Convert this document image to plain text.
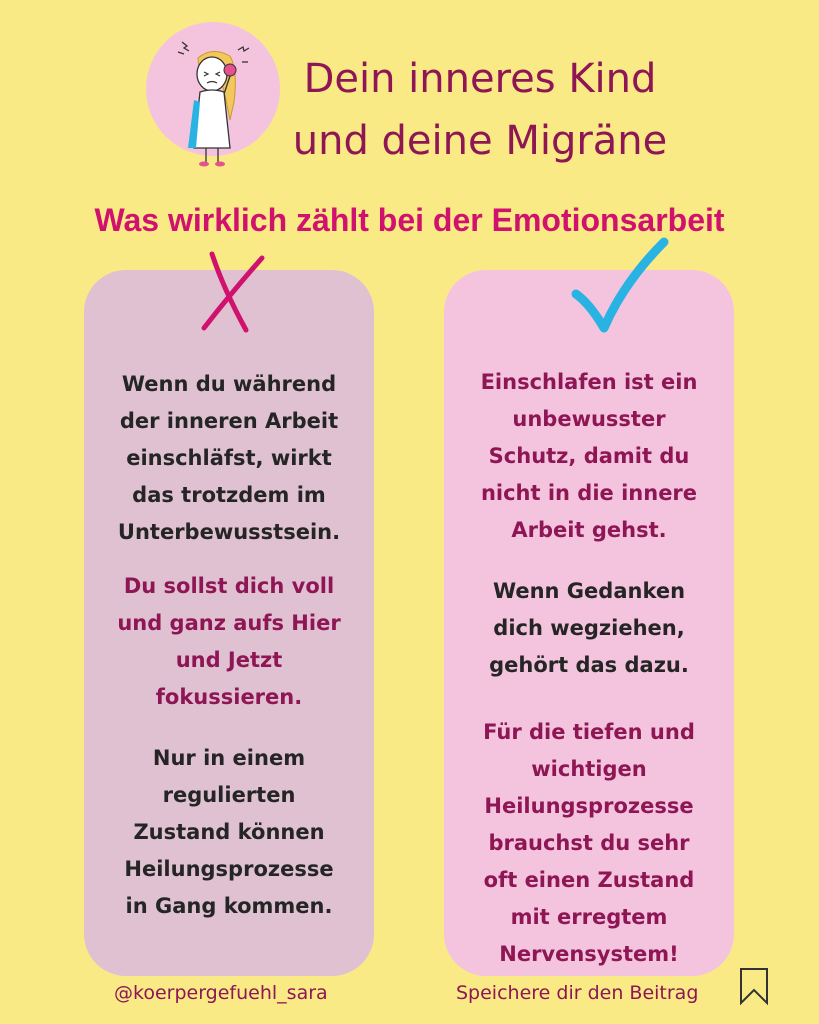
Dein inneres Kind
und deine Migräne
Was wirklich zählt bei der Emotionsarbeit
Wenn du während
der inneren Arbeit
einschläfst, wirkt
das trotzdem im
Unterbewusstsein.
Du sollst dich voll
und ganz aufs Hier
und Jetzt
fokussieren.
Nur in einem
regulierten
Zustand können
Heilungsprozesse
in Gang kommen.
Einschlafen ist ein
unbewusster
Schutz, damit du
nicht in die innere
Arbeit gehst.
Wenn Gedanken
dich wegziehen,
gehört das dazu.
Für die tiefen und
wichtigen
Heilungsprozesse
brauchst du sehr
oft einen Zustand
mit erregtem
Nervensystem!
@koerpergefuehl_sara	Speichere dir den Beitrag
